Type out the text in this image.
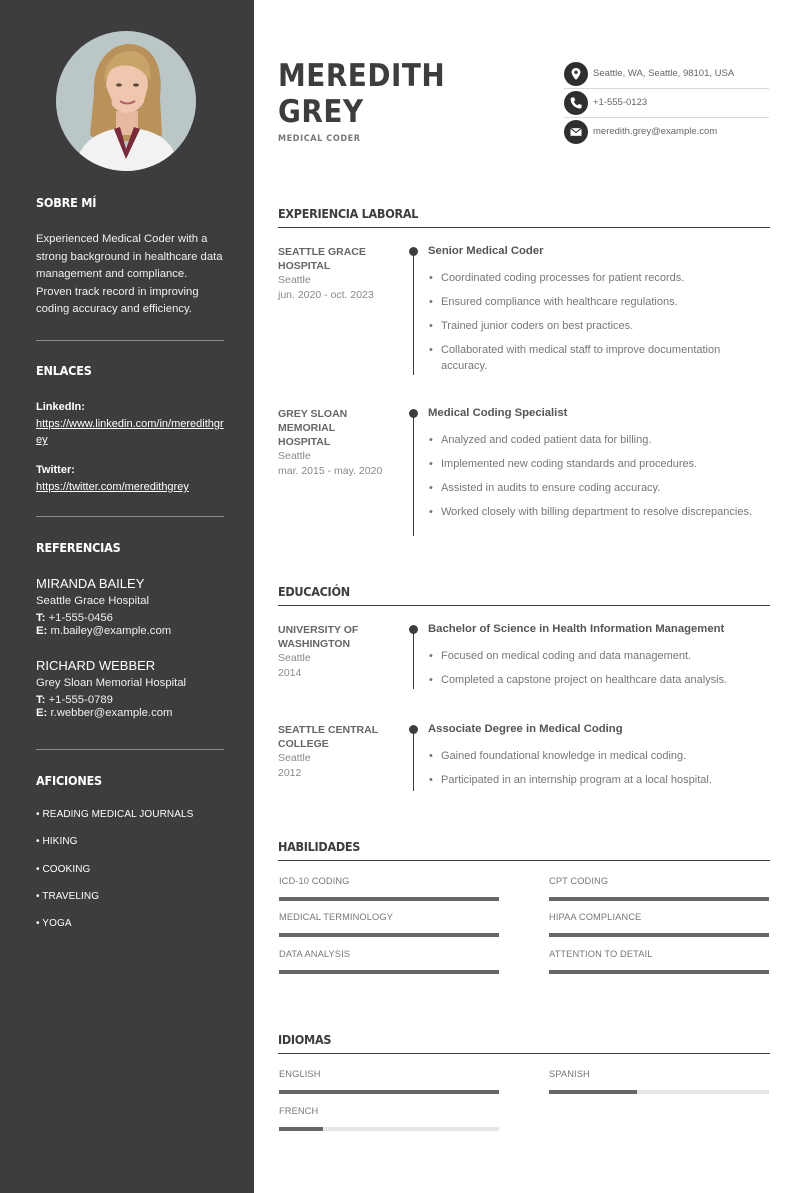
SOBRE MÍ
Experienced Medical Coder with a strong background in healthcare data management and compliance. Proven track record in improving coding accuracy and efficiency.
ENLACES
LinkedIn:
https://www.linkedin.com/in/meredithgrey
Twitter:
https://twitter.com/meredithgrey
REFERENCIAS
MIRANDA BAILEY
Seattle Grace Hospital
T: +1-555-0456
E: m.bailey@example.com
RICHARD WEBBER
Grey Sloan Memorial Hospital
T: +1-555-0789
E: r.webber@example.com
AFICIONES
• READING MEDICAL JOURNALS
• HIKING
• COOKING
• TRAVELING
• YOGA
MEREDITH
GREY
MEDICAL CODER
Seattle, WA, Seattle, 98101, USA
+1-555-0123
meredith.grey@example.com
EXPERIENCIA LABORAL
SEATTLE GRACE HOSPITAL
Seattle
jun. 2020 - oct. 2023
Senior Medical Coder
• Coordinated coding processes for patient records.
• Ensured compliance with healthcare regulations.
• Trained junior coders on best practices.
• Collaborated with medical staff to improve documentation accuracy.
GREY SLOAN MEMORIAL HOSPITAL
Seattle
mar. 2015 - may. 2020
Medical Coding Specialist
• Analyzed and coded patient data for billing.
• Implemented new coding standards and procedures.
• Assisted in audits to ensure coding accuracy.
• Worked closely with billing department to resolve discrepancies.
EDUCACIÓN
UNIVERSITY OF WASHINGTON
Seattle
2014
Bachelor of Science in Health Information Management
• Focused on medical coding and data management.
• Completed a capstone project on healthcare data analysis.
SEATTLE CENTRAL COLLEGE
Seattle
2012
Associate Degree in Medical Coding
• Gained foundational knowledge in medical coding.
• Participated in an internship program at a local hospital.
HABILIDADES
ICD-10 CODING	CPT CODING
MEDICAL TERMINOLOGY	HIPAA COMPLIANCE
DATA ANALYSIS	ATTENTION TO DETAIL
IDIOMAS
ENGLISH	SPANISH
FRENCH
